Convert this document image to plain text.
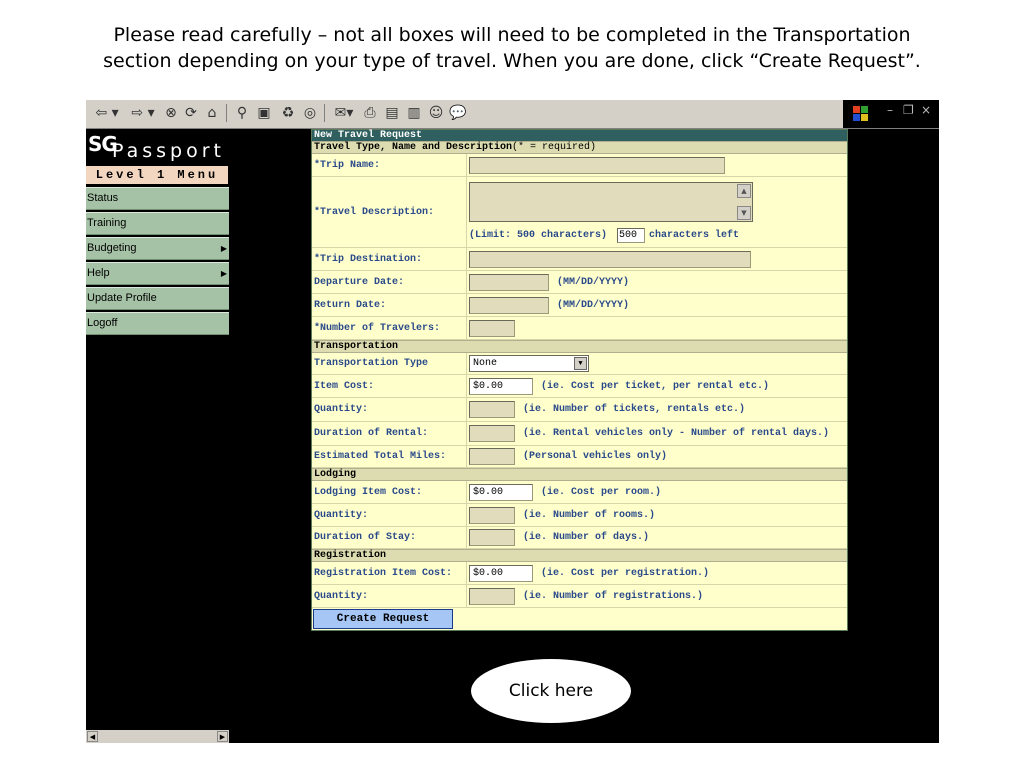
Please read carefully – not all boxes will need to be completed in the Transportation
section depending on your type of travel. When you are done, click “Create Request”.
⇦ ▾ ⇨ ▾ ⊗ ⟳ ⌂	⚲ ▣ ♻ ◎	✉▾ ⎙ ▤ ▥ ☺ 💬	– ❐ ×
SG
Passport
Level 1 Menu
Status
Training
Budgeting	▶
Help	▶
Update Profile
Logoff
New Travel Request
Travel Type, Name and Description(* = required)
*Trip Name:
*Travel Description:
▲
▼
(Limit: 500 characters) 500	characters left
*Trip Destination:
Departure Date:	(MM/DD/YYYY)
Return Date:	(MM/DD/YYYY)
*Number of Travelers:
Transportation
Transportation Type	None	▼
Item Cost:	$0.00	(ie. Cost per ticket, per rental etc.)
Quantity:	(ie. Number of tickets, rentals etc.)
Duration of Rental:	(ie. Rental vehicles only - Number of rental days.)
Estimated Total Miles:	(Personal vehicles only)
Lodging
Lodging Item Cost:	$0.00	(ie. Cost per room.)
Quantity:	(ie. Number of rooms.)
Duration of Stay:	(ie. Number of days.)
Registration
Registration Item Cost:	$0.00	(ie. Cost per registration.)
Quantity:	(ie. Number of registrations.)
Create Request
◀	▶
Click here
